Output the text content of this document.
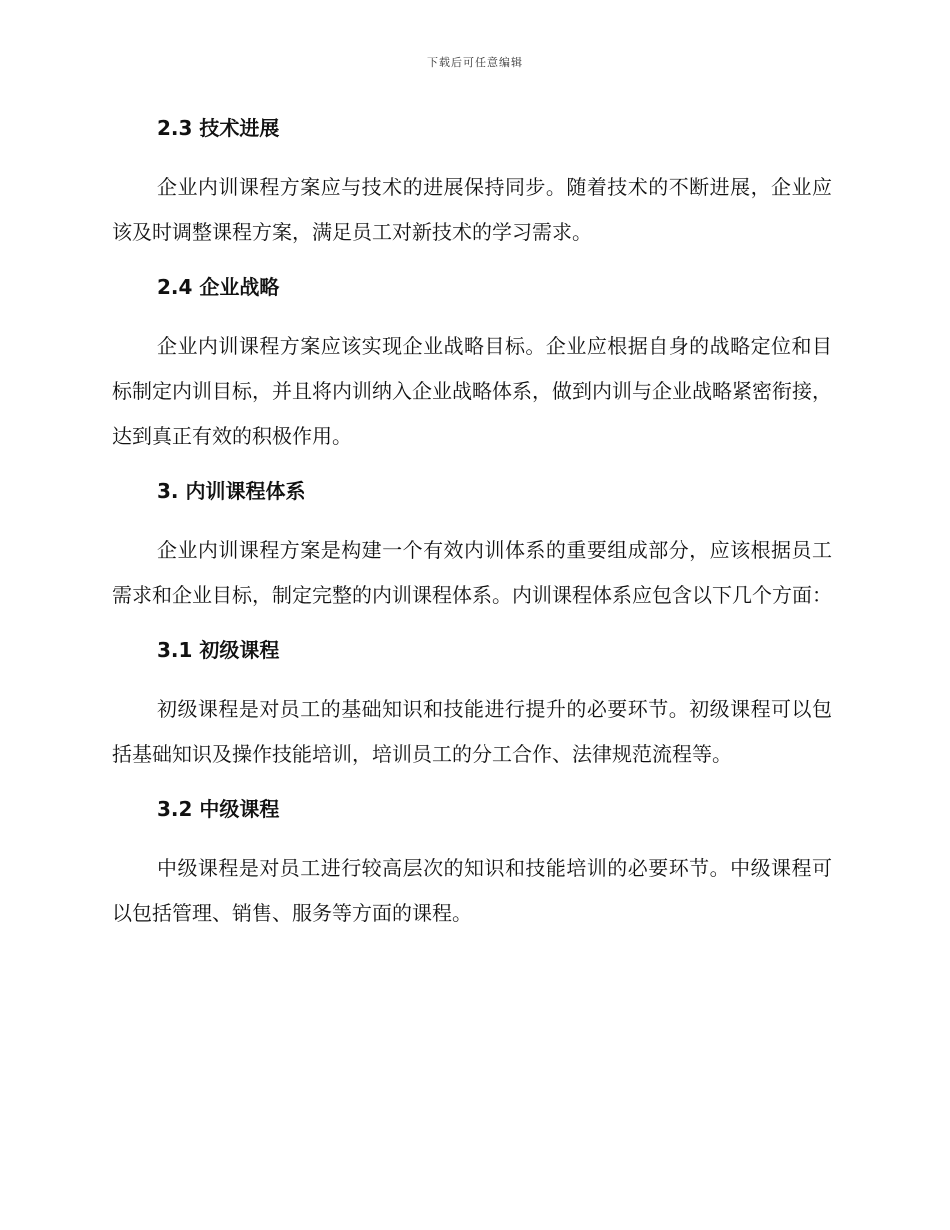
下载后可任意编辑
2.3 技术进展

企业内训课程方案应与技术的进展保持同步。随着技术的不断进展，企业应该及时调整课程方案，满足员工对新技术的学习需求。

2.4 企业战略

企业内训课程方案应该实现企业战略目标。企业应根据自身的战略定位和目标制定内训目标，并且将内训纳入企业战略体系，做到内训与企业战略紧密衔接，达到真正有效的积极作用。

3. 内训课程体系

企业内训课程方案是构建一个有效内训体系的重要组成部分，应该根据员工需求和企业目标，制定完整的内训课程体系。内训课程体系应包含以下几个方面：

3.1 初级课程

初级课程是对员工的基础知识和技能进行提升的必要环节。初级课程可以包括基础知识及操作技能培训，培训员工的分工合作、法律规范流程等。

3.2 中级课程

中级课程是对员工进行较高层次的知识和技能培训的必要环节。中级课程可以包括管理、销售、服务等方面的课程。
